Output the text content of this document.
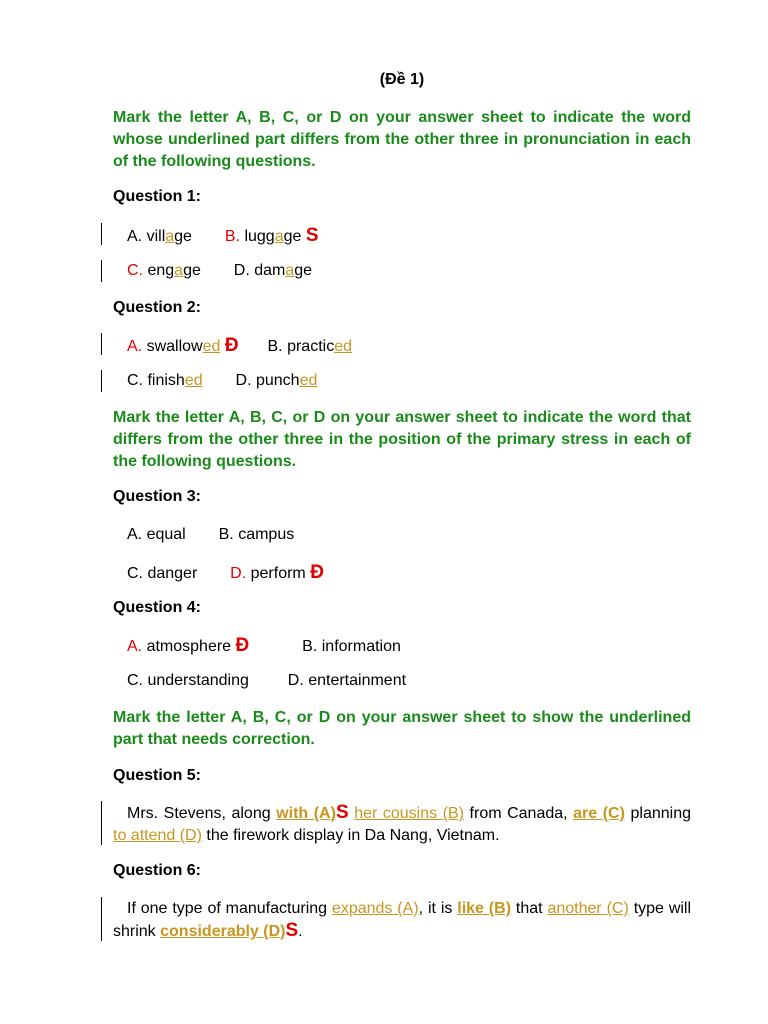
(Đề 1)
Mark the letter A, B, C, or D on your answer sheet to indicate the word whose underlined part differs from the other three in pronunciation in each of the following questions.
Question 1:
A. village B. luggage S
C. engage D. damage
Question 2:
A. swallowed Đ B. practiced
C. finished D. punched
Mark the letter A, B, C, or D on your answer sheet to indicate the word that differs from the other three in the position of the primary stress in each of the following questions.
Question 3:
A. equal B. campus
C. danger D. perform Đ
Question 4:
A. atmosphere Đ	B. information
C. understanding D. entertainment
Mark the letter A, B, C, or D on your answer sheet to show the underlined part that needs correction.
Question 5:
Mrs. Stevens, along with (A)S her cousins (B) from Canada, are (C) planning to attend (D) the firework display in Da Nang, Vietnam.
Question 6:
If one type of manufacturing expands (A), it is like (B) that another (C) type will shrink considerably (D)S.
